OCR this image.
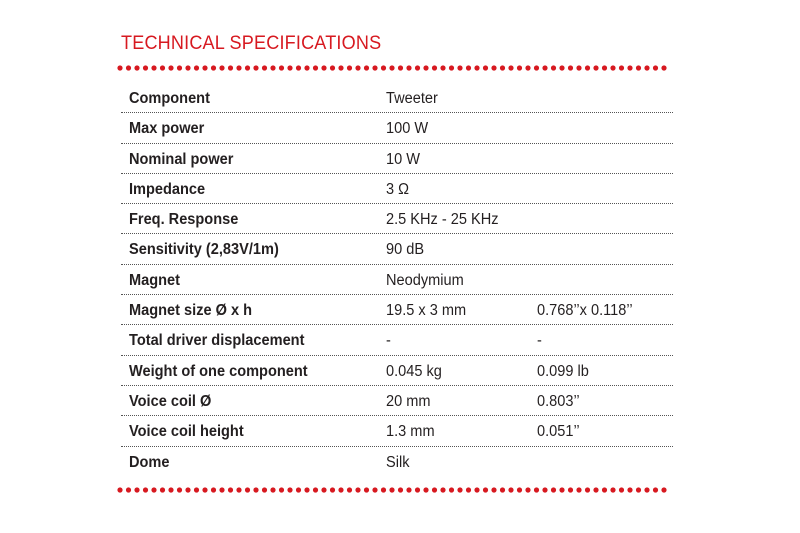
TECHNICAL SPECIFICATIONS
Component	Tweeter
Max power	100 W
Nominal power	10 W
Impedance	3 Ω
Freq. Response	2.5 KHz - 25 KHz
Sensitivity (2,83V/1m)	90 dB
Magnet	Neodymium
Magnet size Ø x h	19.5 x 3 mm	0.768’’x 0.118’’
Total driver displacement	-	-
Weight of one component	0.045 kg	0.099 lb
Voice coil Ø	20 mm	0.803’’
Voice coil height	1.3 mm	0.051’’
Dome	Silk
